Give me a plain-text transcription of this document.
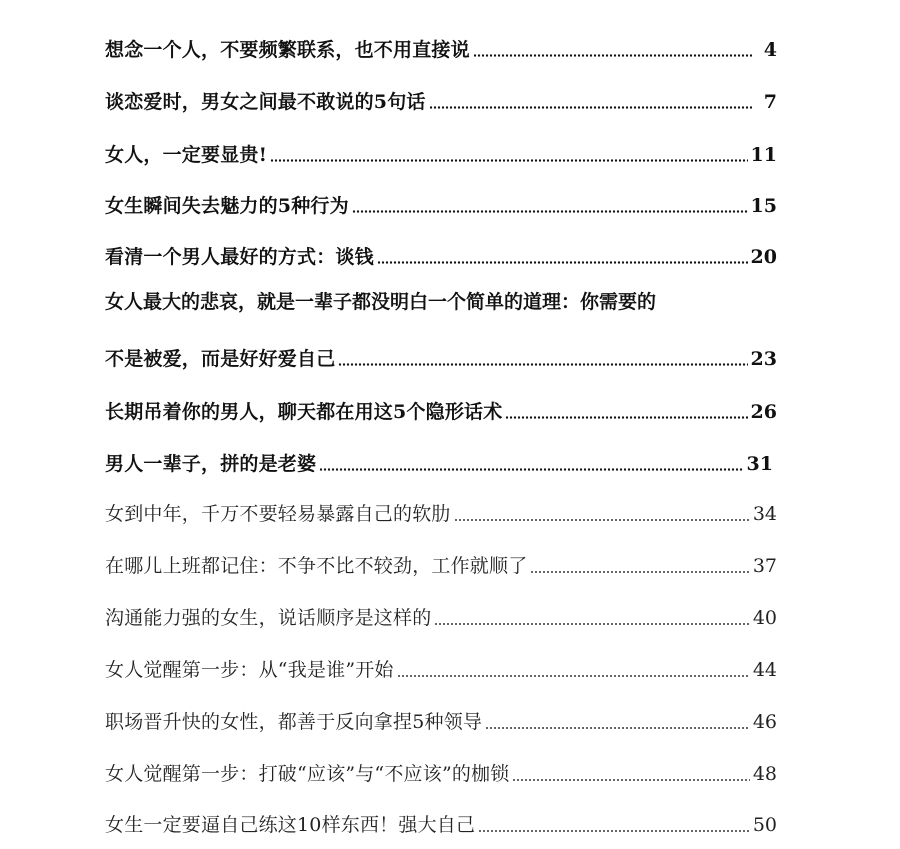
想念一个人，不要频繁联系，也不用直接说	4
谈恋爱时，男女之间最不敢说的5句话	7
女人，一定要显贵!	11
女生瞬间失去魅力的5种行为	15
看清一个男人最好的方式：谈钱	20
女人最大的悲哀，就是一辈子都没明白一个简单的道理：你需要的
不是被爱，而是好好爱自己	23
长期吊着你的男人，聊天都在用这5个隐形话术	26
男人一辈子，拼的是老婆	31
女到中年，千万不要轻易暴露自己的软肋	34
在哪儿上班都记住：不争不比不较劲，工作就顺了	37
沟通能力强的女生，说话顺序是这样的	40
女人觉醒第一步：从“我是谁”开始	44
职场晋升快的女性，都善于反向拿捏5种领导	46
女人觉醒第一步：打破“应该”与“不应该”的枷锁	48
女生一定要逼自己练这10样东西！强大自己	50
